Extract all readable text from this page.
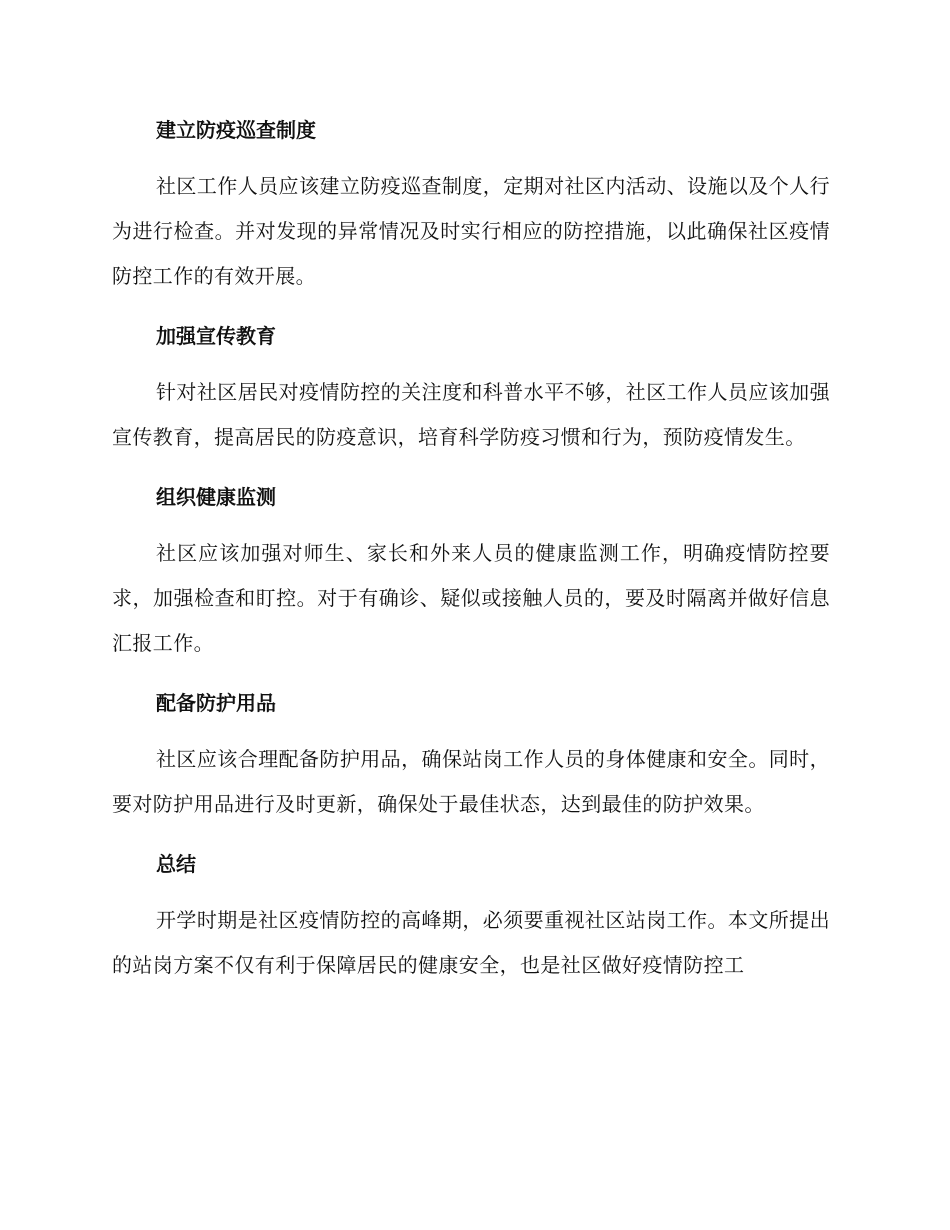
建立防疫巡查制度

社区工作人员应该建立防疫巡查制度，定期对社区内活动、设施以及个人行为进行检查。并对发现的异常情况及时实行相应的防控措施，以此确保社区疫情防控工作的有效开展。

加强宣传教育

针对社区居民对疫情防控的关注度和科普水平不够，社区工作人员应该加强宣传教育，提高居民的防疫意识，培育科学防疫习惯和行为，预防疫情发生。

组织健康监测

社区应该加强对师生、家长和外来人员的健康监测工作，明确疫情防控要求，加强检查和盯控。对于有确诊、疑似或接触人员的，要及时隔离并做好信息汇报工作。

配备防护用品

社区应该合理配备防护用品，确保站岗工作人员的身体健康和安全。同时，要对防护用品进行及时更新，确保处于最佳状态，达到最佳的防护效果。

总结

开学时期是社区疫情防控的高峰期，必须要重视社区站岗工作。本文所提出的站岗方案不仅有利于保障居民的健康安全，也是社区做好疫情防控工
